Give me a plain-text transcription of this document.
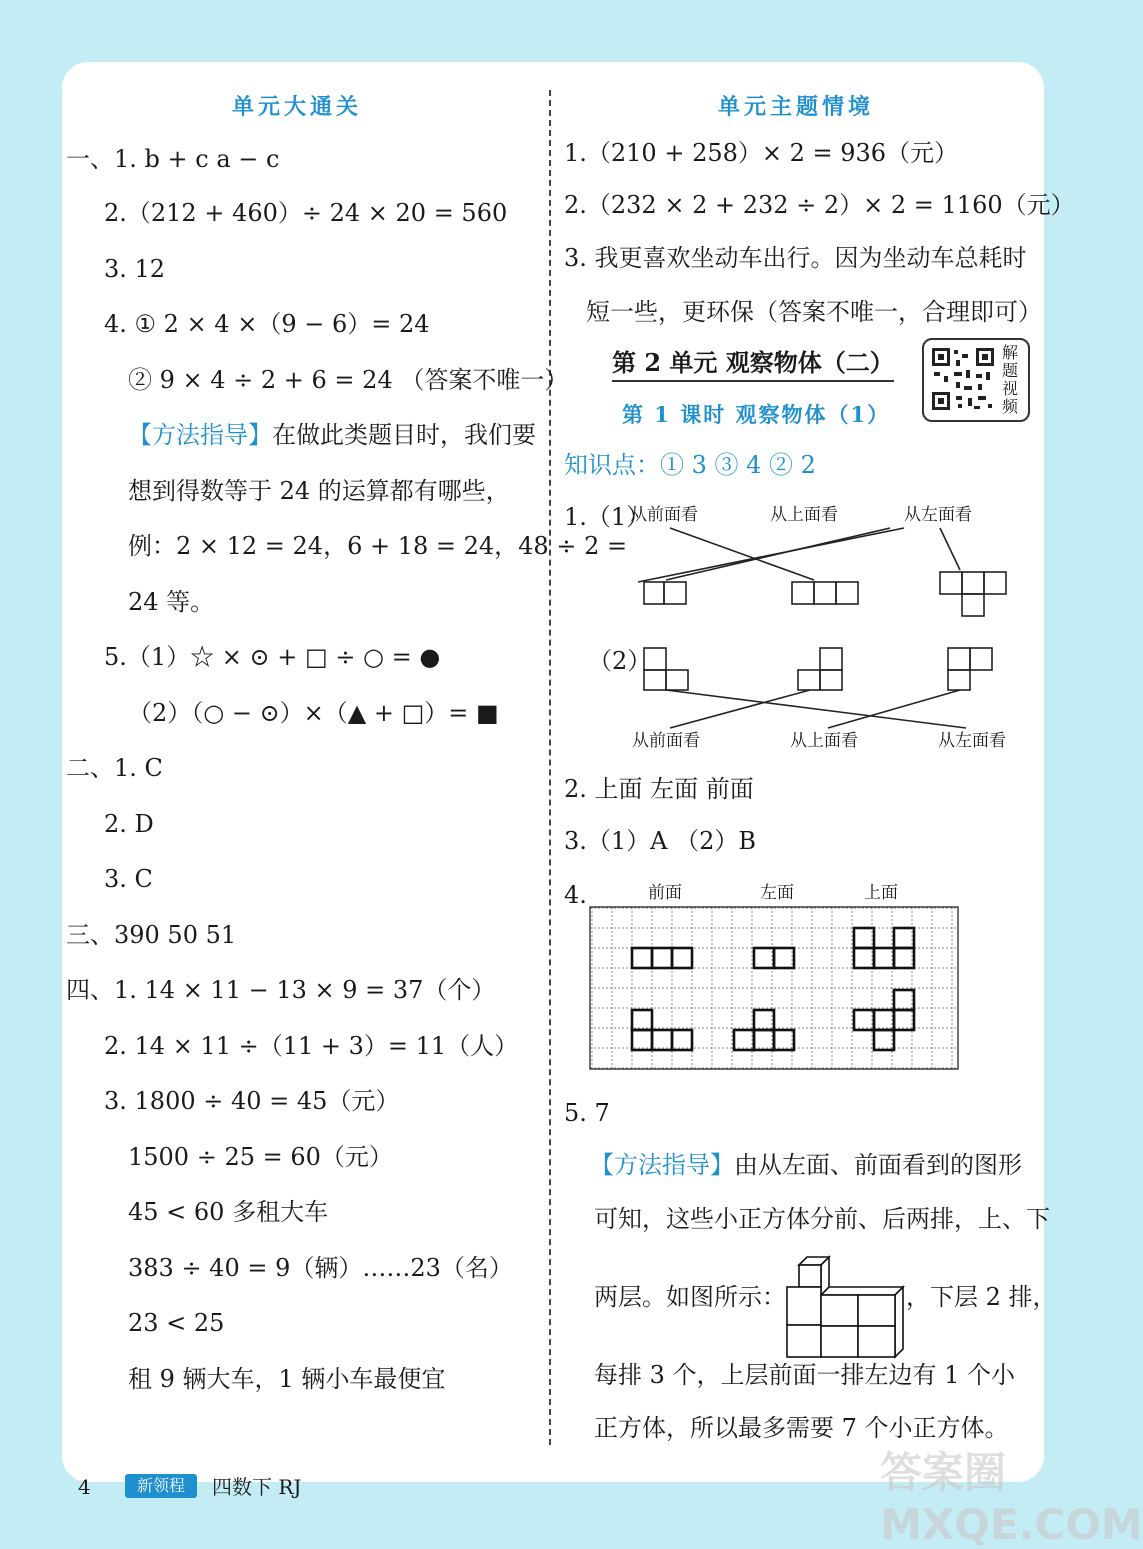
单元大通关
一、1. b + c a − c
2.（212 + 460）÷ 24 × 20 = 560
3. 12
4. ① 2 × 4 ×（9 − 6）= 24
② 9 × 4 ÷ 2 + 6 = 24 （答案不唯一）
【方法指导】在做此类题目时，我们要
想到得数等于 24 的运算都有哪些，
例：2 × 12 = 24，6 + 18 = 24，48 ÷ 2 =
24 等。
5.（1）☆ × ⊙ + □ ÷ ○ = ●
（2）（○ − ⊙）×（▲ + □）= ■
二、1. C
2. D
3. C
三、390 50 51
四、1. 14 × 11 − 13 × 9 = 37（个）
2. 14 × 11 ÷（11 + 3）= 11（人）
3. 1800 ÷ 40 = 45（元）
1500 ÷ 25 = 60（元）
45 < 60 多租大车
383 ÷ 40 = 9（辆）……23（名）
23 < 25
租 9 辆大车，1 辆小车最便宜
单元主题情境
1.（210 + 258）× 2 = 936（元）
2.（232 × 2 + 232 ÷ 2）× 2 = 1160（元）
3. 我更喜欢坐动车出行。因为坐动车总耗时
短一些，更环保（答案不唯一，合理即可）
第 2 单元 观察物体（二）	解题视频
第 1 课时 观察物体（1）
知识点：① 3 ③ 4 ② 2
1.（1）
从前面看	从上面看	从左面看
（2）
从前面看	从上面看	从左面看
2. 上面 左面 前面
3.（1）A （2）B
4.	前面	左面	上面
5. 7
【方法指导】由从左面、前面看到的图形
可知，这些小正方体分前、后两排，上、下
两层。如图所示：	，下层 2 排，
每排 3 个，上层前面一排左边有 1 个小
正方体，所以最多需要 7 个小正方体。
4	新领程	四数下 RJ	答案圈 MXQE.COM
